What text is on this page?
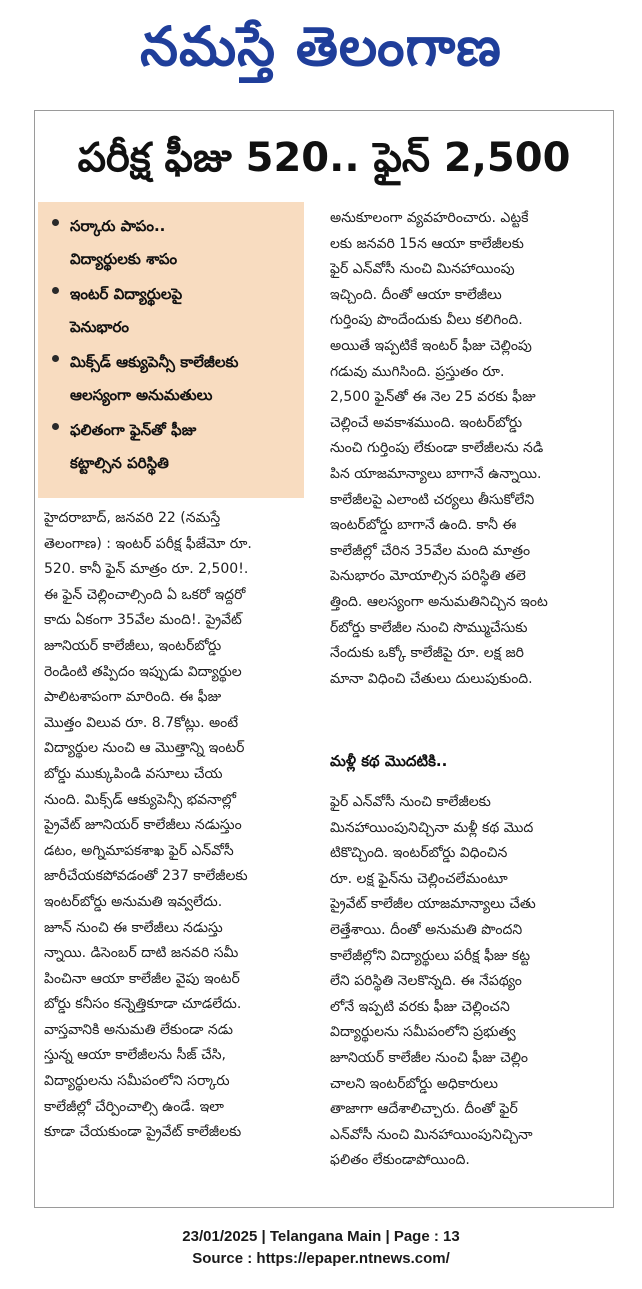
నమస్తే తెలంగాణ
పరీక్ష ఫీజు 520.. ఫైన్ 2,500
సర్కారు పాపం..
విద్యార్థులకు శాపం
ఇంటర్ విద్యార్థులపై
పెనుభారం
మిక్స్‌డ్ ఆక్యుపెన్సీ కాలేజీలకు
ఆలస్యంగా అనుమతులు
ఫలితంగా ఫైన్‌తో ఫీజు
కట్టాల్సిన పరిస్థితి
హైదరాబాద్, జనవరి 22 (నమస్తే
తెలంగాణ) : ఇంటర్ పరీక్ష ఫీజేమో రూ.
520. కానీ ఫైన్ మాత్రం రూ. 2,500!.
ఈ ఫైన్ చెల్లించాల్సింది ఏ ఒకరో ఇద్దరో
కాదు ఏకంగా 35వేల మంది!. ప్రైవేట్
జూనియర్ కాలేజీలు, ఇంటర్‌బోర్డు
రెండింటి తప్పిదం ఇప్పుడు విద్యార్థుల
పాలిటశాపంగా మారింది. ఈ ఫీజు
మొత్తం విలువ రూ. 8.7కోట్లు. అంటే
విద్యార్థుల నుంచి ఆ మొత్తాన్ని ఇంటర్
బోర్డు ముక్కుపిండి వసూలు చేయ
నుంది. మిక్స్‌డ్ ఆక్యుపెన్సీ భవనాల్లో
ప్రైవేట్ జూనియర్ కాలేజీలు నడుస్తుం
డటం, అగ్నిమాపకశాఖ ఫైర్ ఎన్‌వోసీ
జారీచేయకపోవడంతో 237 కాలేజీలకు
ఇంటర్‌బోర్డు అనుమతి ఇవ్వలేదు.
జూన్ నుంచి ఈ కాలేజీలు నడుస్తు
న్నాయి. డిసెంబర్ దాటి జనవరి సమీ
పించినా ఆయా కాలేజీల వైపు ఇంటర్
బోర్డు కనీసం కన్నెత్తికూడా చూడలేదు.
వాస్తవానికి అనుమతి లేకుండా నడు
స్తున్న ఆయా కాలేజీలను సీజ్ చేసి,
విద్యార్థులను సమీపంలోని సర్కారు
కాలేజీల్లో చేర్పించాల్సి ఉండే. ఇలా
కూడా చేయకుండా ప్రైవేట్ కాలేజీలకు
అనుకూలంగా వ్యవహరించారు. ఎట్టకే
లకు జనవరి 15న ఆయా కాలేజీలకు
ఫైర్ ఎన్‌వోసీ నుంచి మినహాయింపు
ఇచ్చింది. దీంతో ఆయా కాలేజీలు
గుర్తింపు పొందేందుకు వీలు కలిగింది.
అయితే ఇప్పటికే ఇంటర్ ఫీజు చెల్లింపు
గడువు ముగిసింది. ప్రస్తుతం రూ.
2,500 ఫైన్‌తో ఈ నెల 25 వరకు ఫీజు
చెల్లించే అవకాశముంది. ఇంటర్‌బోర్డు
నుంచి గుర్తింపు లేకుండా కాలేజీలను నడి
పిన యాజమాన్యాలు బాగానే ఉన్నాయి.
కాలేజీలపై ఎలాంటి చర్యలు తీసుకోలేని
ఇంటర్‌బోర్డు బాగానే ఉంది. కానీ ఈ
కాలేజీల్లో చేరిన 35వేల మంది మాత్రం
పెనుభారం మోయాల్సిన పరిస్థితి తలె
త్తింది. ఆలస్యంగా అనుమతినిచ్చిన ఇంట
ర్‌బోర్డు కాలేజీల నుంచి సొమ్ముచేసుకు
నేందుకు ఒక్కో కాలేజీపై రూ. లక్ష జరి
మానా విధించి చేతులు దులుపుకుంది.
మళ్లీ కథ మొదటికి..
ఫైర్ ఎన్‌వోసీ నుంచి కాలేజీలకు
మినహాయింపునిచ్చినా మళ్లీ కథ మొద
టికొచ్చింది. ఇంటర్‌బోర్డు విధించిన
రూ. లక్ష ఫైన్‌ను చెల్లించలేమంటూ
ప్రైవేట్ కాలేజీల యాజమాన్యాలు చేతు
లెత్తేశాయి. దీంతో అనుమతి పొందని
కాలేజీల్లోని విద్యార్థులు పరీక్ష ఫీజు కట్ట
లేని పరిస్థితి నెలకొన్నది. ఈ నేపథ్యం
లోనే ఇప్పటి వరకు ఫీజు చెల్లించని
విద్యార్థులను సమీపంలోని ప్రభుత్వ
జూనియర్ కాలేజీల నుంచి ఫీజు చెల్లిం
చాలని ఇంటర్‌బోర్డు అధికారులు
తాజాగా ఆదేశాలిచ్చారు. దీంతో ఫైర్
ఎన్‌వోసీ నుంచి మినహాయింపునిచ్చినా
ఫలితం లేకుండాపోయింది.
23/01/2025 | Telangana Main | Page : 13
Source : https://epaper.ntnews.com/
